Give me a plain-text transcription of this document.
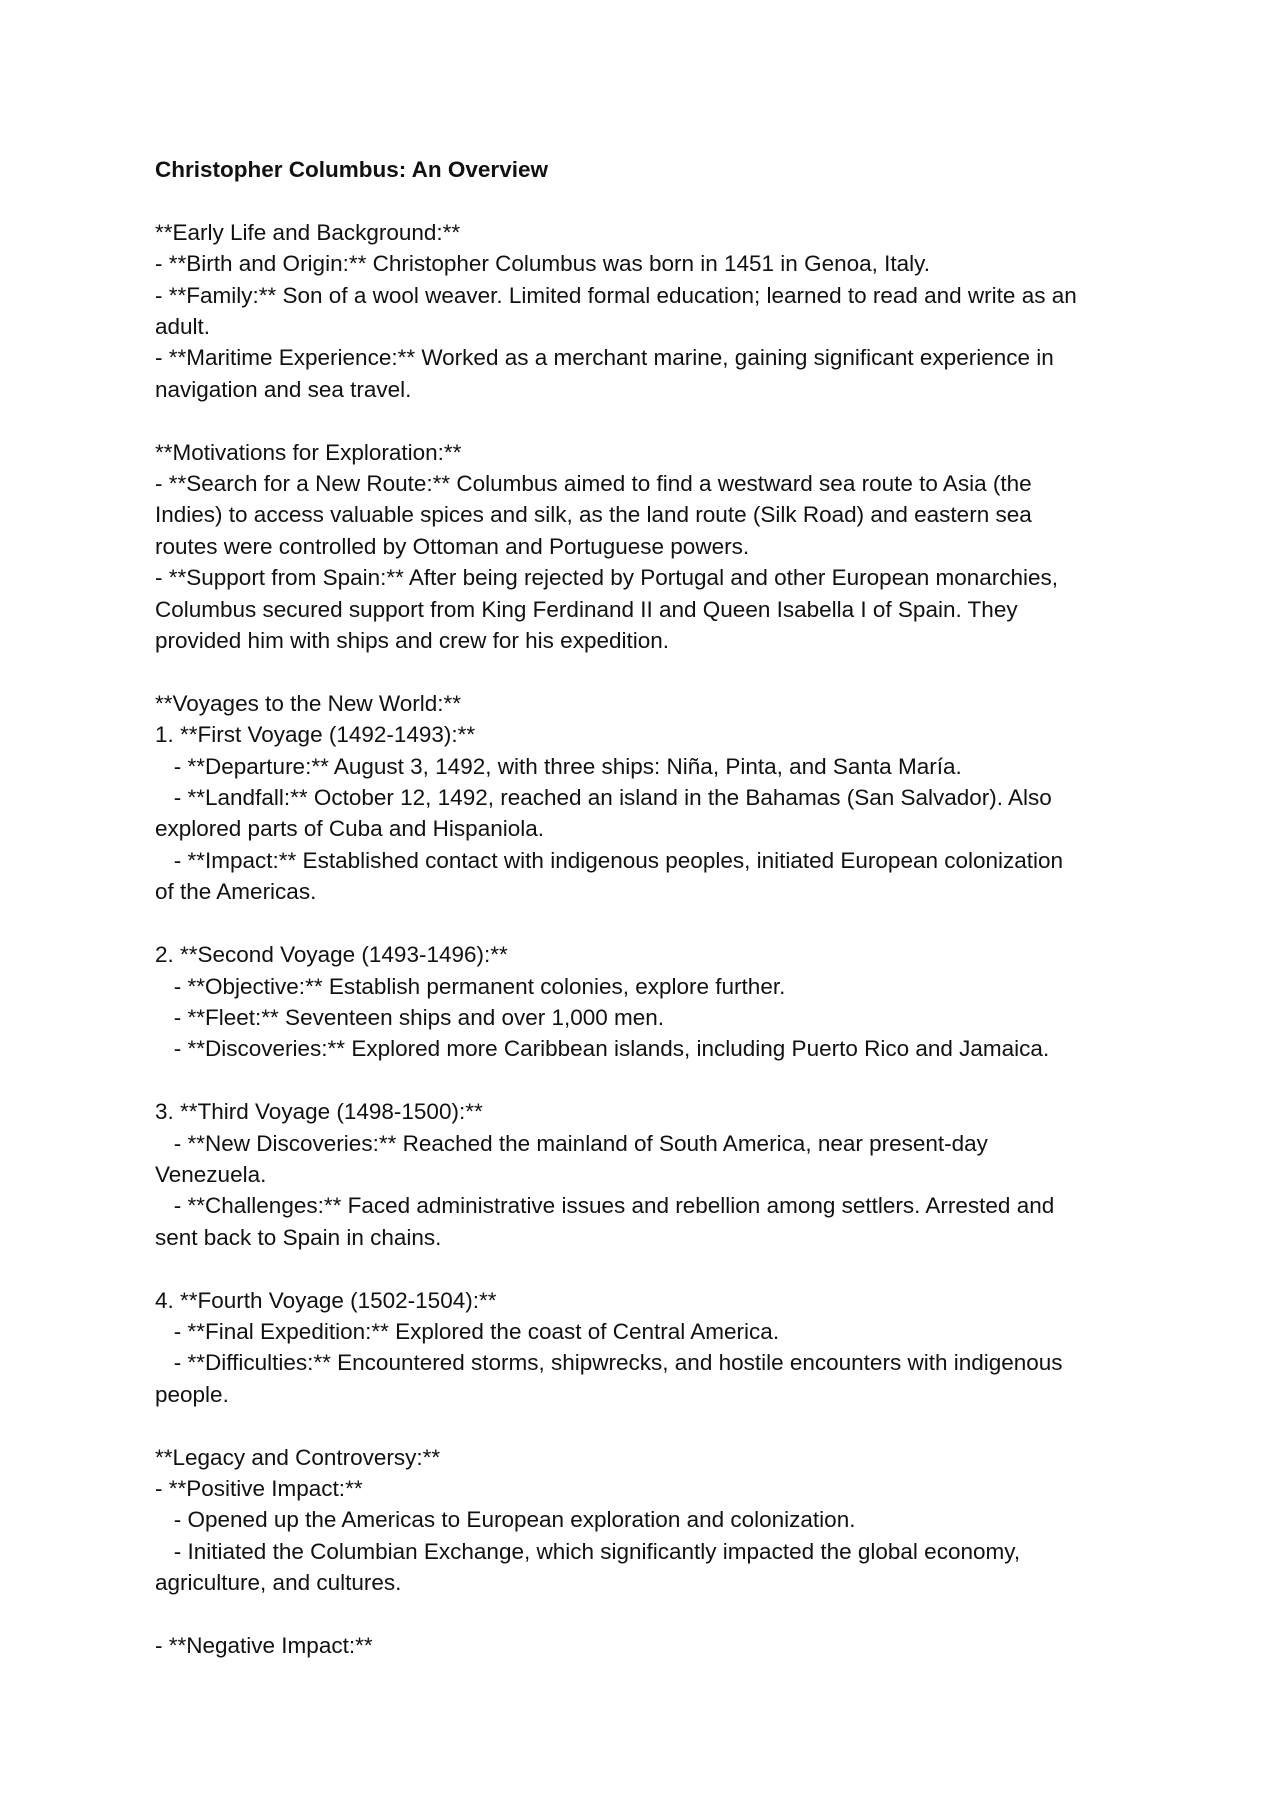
Christopher Columbus: An Overview

**Early Life and Background:**

- **Birth and Origin:** Christopher Columbus was born in 1451 in Genoa, Italy.

- **Family:** Son of a wool weaver. Limited formal education; learned to read and write as an

adult.

- **Maritime Experience:** Worked as a merchant marine, gaining significant experience in

navigation and sea travel.

**Motivations for Exploration:**

- **Search for a New Route:** Columbus aimed to find a westward sea route to Asia (the

Indies) to access valuable spices and silk, as the land route (Silk Road) and eastern sea

routes were controlled by Ottoman and Portuguese powers.

- **Support from Spain:** After being rejected by Portugal and other European monarchies,

Columbus secured support from King Ferdinand II and Queen Isabella I of Spain. They

provided him with ships and crew for his expedition.

**Voyages to the New World:**

1. **First Voyage (1492-1493):**

- **Departure:** August 3, 1492, with three ships: Niña, Pinta, and Santa María.

- **Landfall:** October 12, 1492, reached an island in the Bahamas (San Salvador). Also

explored parts of Cuba and Hispaniola.

- **Impact:** Established contact with indigenous peoples, initiated European colonization

of the Americas.

2. **Second Voyage (1493-1496):**

- **Objective:** Establish permanent colonies, explore further.

- **Fleet:** Seventeen ships and over 1,000 men.

- **Discoveries:** Explored more Caribbean islands, including Puerto Rico and Jamaica.

3. **Third Voyage (1498-1500):**

- **New Discoveries:** Reached the mainland of South America, near present-day

Venezuela.

- **Challenges:** Faced administrative issues and rebellion among settlers. Arrested and

sent back to Spain in chains.

4. **Fourth Voyage (1502-1504):**

- **Final Expedition:** Explored the coast of Central America.

- **Difficulties:** Encountered storms, shipwrecks, and hostile encounters with indigenous

people.

**Legacy and Controversy:**

- **Positive Impact:**

- Opened up the Americas to European exploration and colonization.

- Initiated the Columbian Exchange, which significantly impacted the global economy,

agriculture, and cultures.

- **Negative Impact:**
